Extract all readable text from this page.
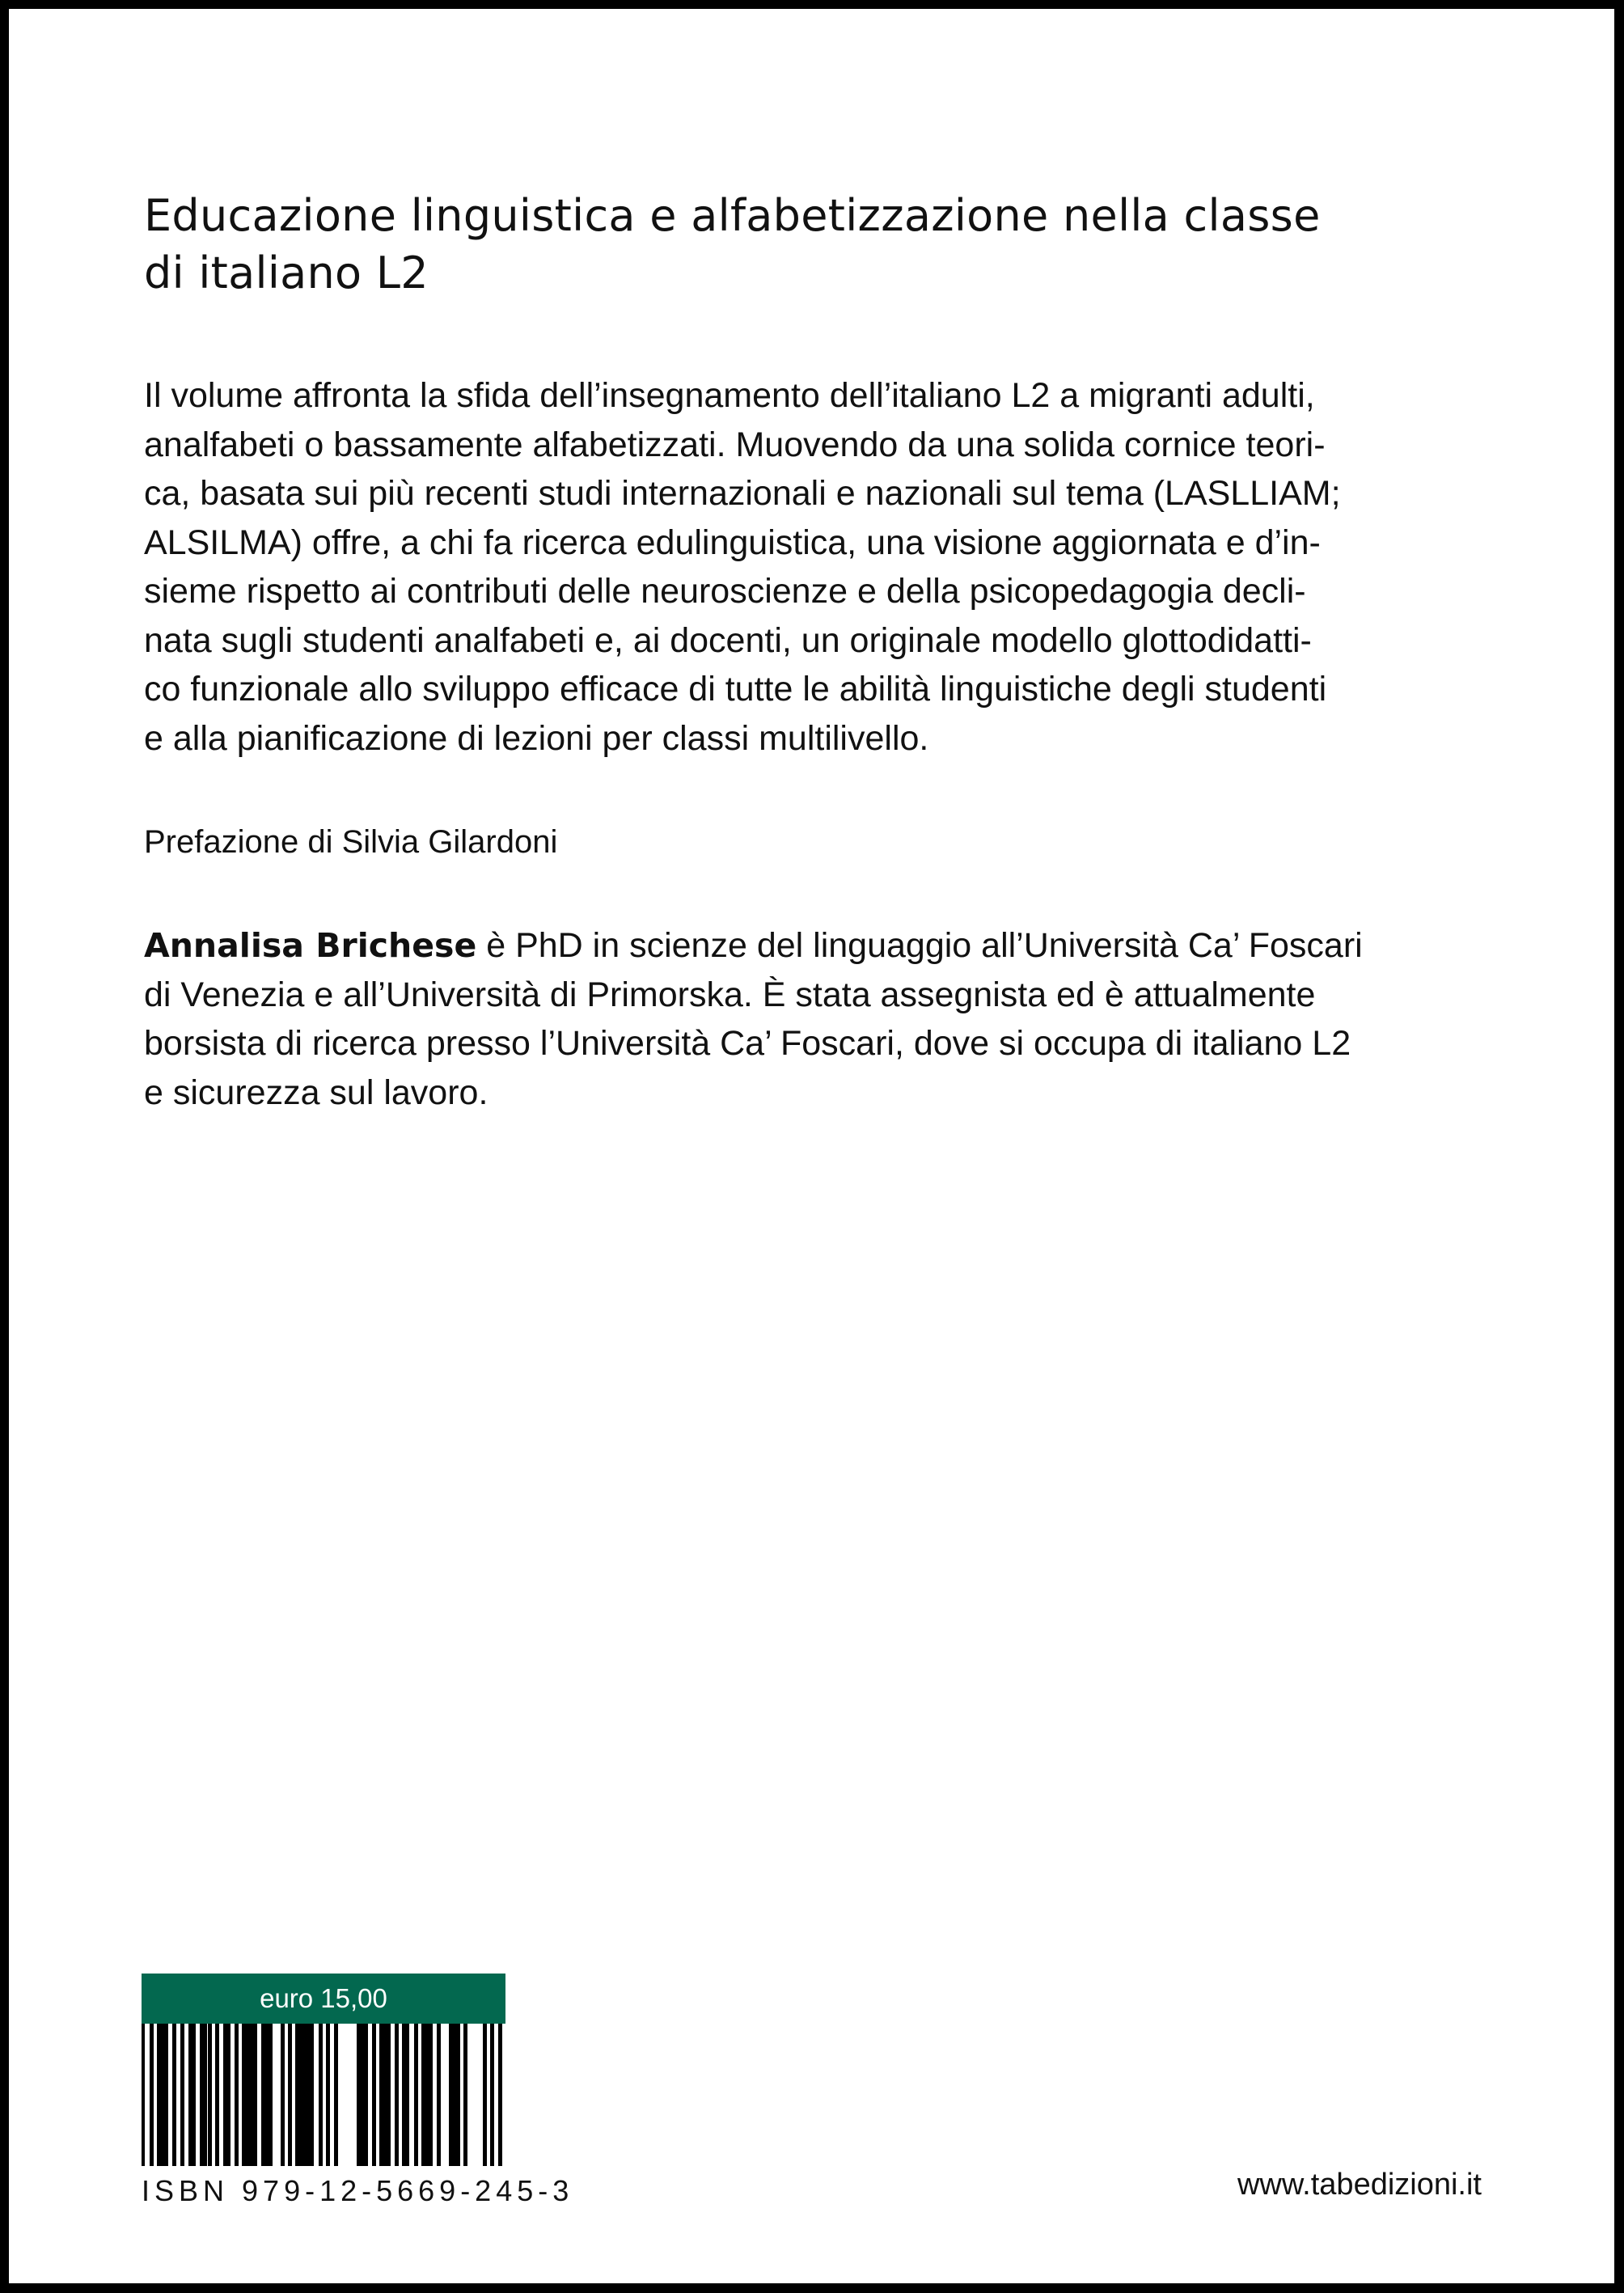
Educazione linguistica e alfabetizzazione nella classe
di italiano L2

Il volume affronta la sfida dell’insegnamento dell’italiano L2 a migranti adulti,
analfabeti o bassamente alfabetizzati. Muovendo da una solida cornice teori-
ca, basata sui più recenti studi internazionali e nazionali sul tema (LASLLIAM;
ALSILMA) offre, a chi fa ricerca edulinguistica, una visione aggiornata e d’in-
sieme rispetto ai contributi delle neuroscienze e della psicopedagogia decli-
nata sugli studenti analfabeti e, ai docenti, un originale modello glottodidatti-
co funzionale allo sviluppo efficace di tutte le abilità linguistiche degli studenti
e alla pianificazione di lezioni per classi multilivello.

Prefazione di Silvia Gilardoni

Annalisa Brichese è PhD in scienze del linguaggio all’Università Ca’ Foscari
di Venezia e all’Università di Primorska. È stata assegnista ed è attualmente
borsista di ricerca presso l’Università Ca’ Foscari, dove si occupa di italiano L2
e sicurezza sul lavoro.

euro 15,00
ISBN 979-12-5669-245-3	www.tabedizioni.it
